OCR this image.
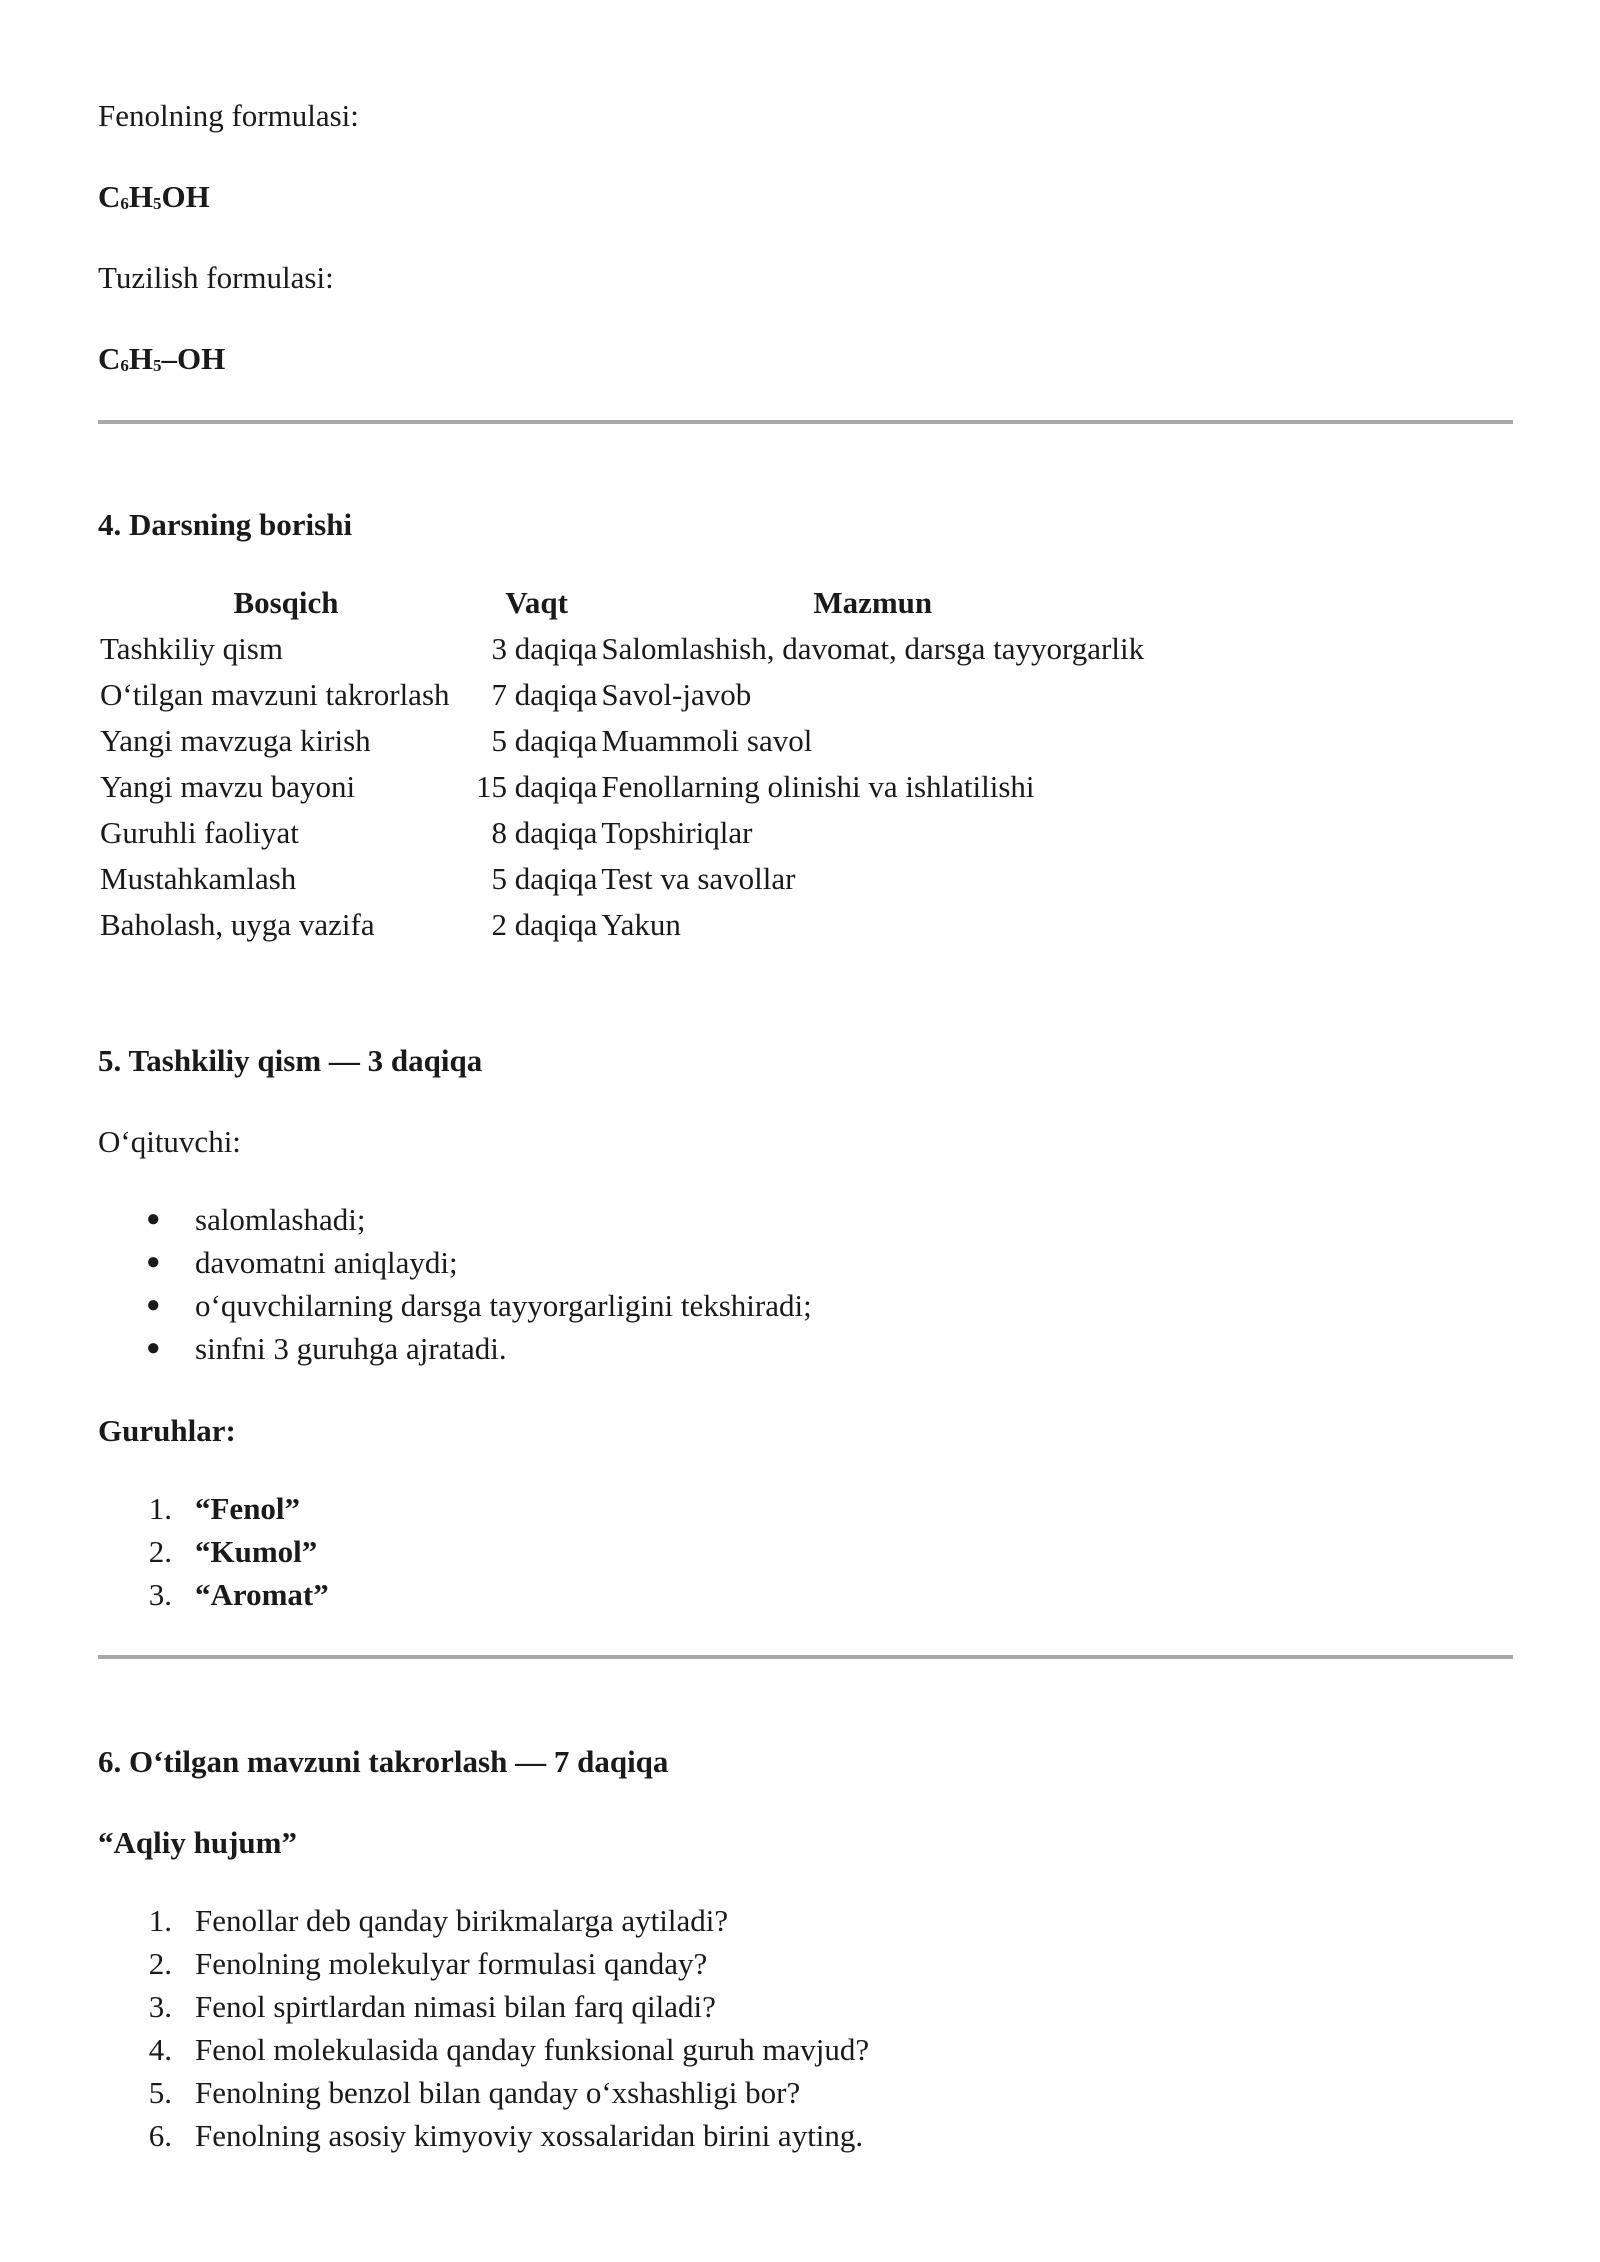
Fenolning formulasi:

$C_6H_5OH$

Tuzilish formulasi:

$C_6H_5-OH$
4. Darsning borishi
Bosqich	Vaqt	Mazmun
Tashkiliy qism	3 daqiqa	Salomlashish, davomat, darsga tayyorgarlik
O‘tilgan mavzuni takrorlash	7 daqiqa	Savol-javob
Yangi mavzuga kirish	5 daqiqa	Muammoli savol
Yangi mavzu bayoni	15 daqiqa	Fenollarning olinishi va ishlatilishi
Guruhli faoliyat	8 daqiqa	Topshiriqlar
Mustahkamlash	5 daqiqa	Test va savollar
Baholash, uyga vazifa	2 daqiqa	Yakun
5. Tashkiliy qism — 3 daqiqa

O‘qituvchi:

● salomlashadi;
● davomatni aniqlaydi;
● o‘quvchilarning darsga tayyorgarligini tekshiradi;
● sinfni 3 guruhga ajratadi.

Guruhlar:

1. “Fenol”
2. “Kumol”
3. “Aromat”
6. O‘tilgan mavzuni takrorlash — 7 daqiqa

“Aqliy hujum”

1. Fenollar deb qanday birikmalarga aytiladi?
2. Fenolning molekulyar formulasi qanday?
3. Fenol spirtlardan nimasi bilan farq qiladi?
4. Fenol molekulasida qanday funksional guruh mavjud?
5. Fenolning benzol bilan qanday o‘xshashligi bor?
6. Fenolning asosiy kimyoviy xossalaridan birini ayting.
